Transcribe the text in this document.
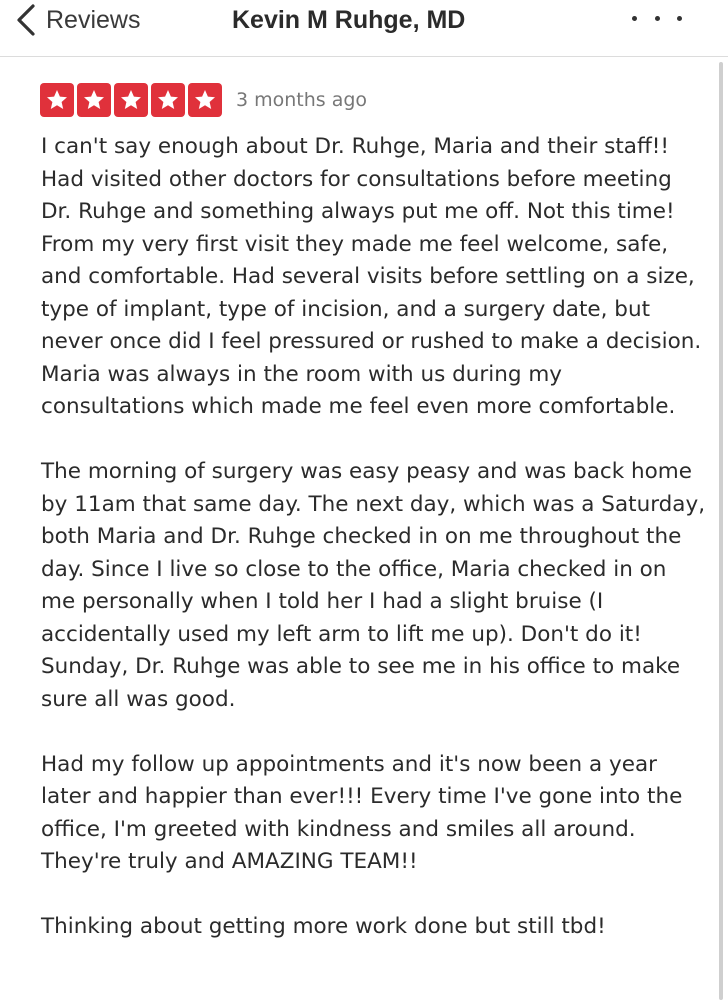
Reviews	Kevin M Ruhge, MD
3 months ago

I can't say enough about Dr. Ruhge, Maria and their staff!! Had visited other doctors for consultations before meeting Dr. Ruhge and something always put me off. Not this time! From my very first visit they made me feel welcome, safe, and comfortable. Had several visits before settling on a size, type of implant, type of incision, and a surgery date, but never once did I feel pressured or rushed to make a decision. Maria was always in the room with us during my consultations which made me feel even more comfortable.

The morning of surgery was easy peasy and was back home by 11am that same day. The next day, which was a Saturday, both Maria and Dr. Ruhge checked in on me throughout the day. Since I live so close to the office, Maria checked in on me personally when I told her I had a slight bruise (I accidentally used my left arm to lift me up). Don't do it! Sunday, Dr. Ruhge was able to see me in his office to make sure all was good.

Had my follow up appointments and it's now been a year later and happier than ever!!! Every time I've gone into the office, I'm greeted with kindness and smiles all around. They're truly and AMAZING TEAM!!

Thinking about getting more work done but still tbd!
